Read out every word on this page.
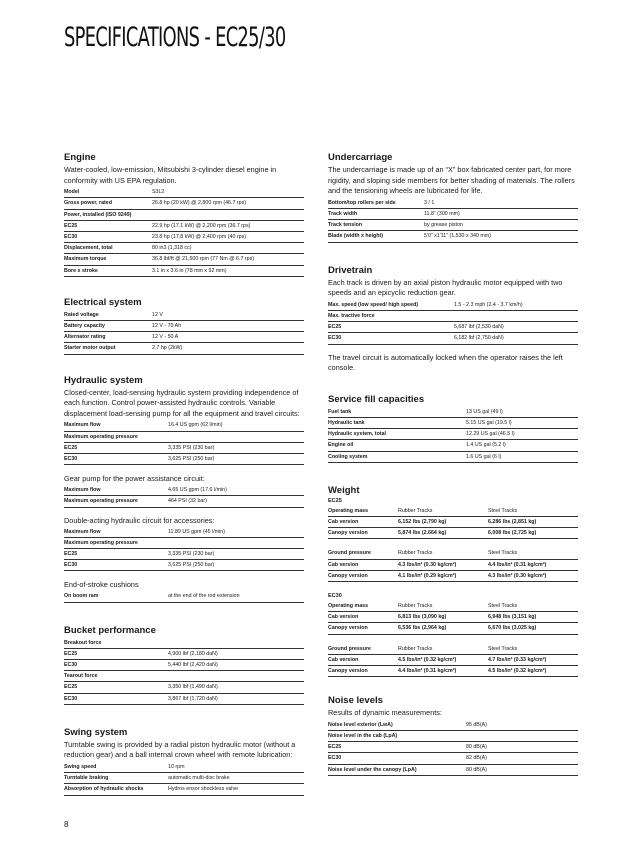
SPECIFICATIONS - EC25/30
Engine

Water-cooled, low-emission, Mitsubishi 3-cylinder diesel engine in conformity with US EPA regulation.

Model	S3L2
Gross power, rated	26.8 hp (20 kW) @ 2,800 rpm (46.7 rps)
Power, installed (ISO 9249)	
EC25	22.9 hp (17.1 kW) @ 2,200 rpm (36.7 rps)
EC30	23.8 hp (17.8 kW) @ 2,400 rpm (40 rps)
Displacement, total	80 in3 (1,318 cc)
Maximum torque	36.8 lbf/ft @ 21,600 rpm (77 Nm @ 6.7 rps)
Bore x stroke	3.1 in x 3.6 in (78 mm x 92 mm)
Electrical system
Rated voltage	12 V
Battery capacity	12 V - 70 Ah
Alternator rating	12 V - 50 A
Starter motor output	2.7 hp (2kW)
Hydraulic system

Closed-center, load-sensing hydraulic system providing independence of each function. Control power-assisted hydraulic controls. Variable displacement load-sensing pump for all the equipment and travel circuits:

Maximum flow	16.4 US gpm (62 l/min)
Maximum operating pressure	
EC25	3,335 PSI (230 bar)
EC30	3,625 PSI (250 bar)

Gear pump for the power assistance circuit:

Maximum flow	4.65 US gpm (17.6 l/min)
Maximum operating pressure	464 PSI (32 bar)

Double-acting hydraulic circuit for accessories:

Maximum flow	11.89 US gpm (45 l/min)
Maximum operating pressure	
EC25	3,335 PSI (230 bar)
EC30	3,625 PSI (250 bar)

End-of-stroke cushions

On boom ram	at the end of the rod extension
Bucket performance
Breakout force	
EC25	4,900 lbf (2,180 daN)
EC30	5,440 lbf (2,420 daN)
Tearout force	
EC25	3,350 lbf (1,490 daN)
EC30	3,867 lbf (1,720 daN)
Swing system

Turntable swing is provided by a radial piston hydraulic motor (without a reduction gear) and a ball internal crown wheel with remote lubrication:

Swing speed	10 rpm
Turntable braking	automatic multi-disc brake
Absorption of hydraulic shocks	Hydros ensor shockless valve
Undercarriage

The undercarriage is made up of an “X” box fabricated center part, for more rigidity, and sloping side members for better shading of materials. The rollers and the tensioning wheels are lubricated for life.

Bottom/top rollers per side	3 / 1
Track width	11.8” (300 mm)
Track tension	by grease piston
Blade (width x height)	5'0” x1'11” (1,530 x 340 mm)
Drivetrain

Each track is driven by an axial piston hydraulic motor equipped with two speeds and an epicyclic reduction gear.

Max. speed (low speed/ high speed)	1.5 - 2.3 mph (2.4 - 3.7 km/h)
Max. tractive force	
EC25	5,687 lbf (2,530 daN)
EC30	6,182 lbf (2,750 daN)

The travel circuit is automatically locked when the operator raises the left console.

Service fill capacities
Fuel tank	13 US gal (49 l)
Hydraulic tank	5.15 US gal (19.5 l)
Hydraulic system, total	12.29 US gal (46.5 l)
Engine oil	1.4 US gal (5.2 l)
Cooling system	1.6 US gal (6 l)
Weight
EC25
Operating mass	Rubber Tracks	Steel Tracks
Cab version	6,152 lbs (2,790 kg)	6,286 lbs (2,851 kg)
Canopy version	5,874 lbs (2.664 kg)	6,008 lbs (2,725 kg)
Ground pressure	Rubber Tracks	Steel Tracks
Cab version	4.3 lbs/in² (0.30 kg/cm²)	4.4 lbs/in² (0.31 kg/cm²)
Canopy version	4.1 lbs/in² (0.29 kg/cm²)	4.3 lbs/in² (0.30 kg/cm²)
EC30
Operating mass	Rubber Tracks	Steel Tracks
Cab version	6,813 lbs (3,090 kg)	6,948 lbs (3,151 kg)
Canopy version	6,536 lbs (2,964 kg)	6,670 lbs (3,025 kg)
Ground pressure	Rubber Tracks	Steel Tracks
Cab version	4.5 lbs/in² (0.32 kg/cm²)	4.7 lbs/in² (0.33 kg/cm²)
Canopy version	4.4 lbs/in² (0.31 kg/cm²)	4.5 lbs/in² (0.32 kg/cm²)
Noise levels

Results of dynamic measurements:

Noise level exterior (LwA)	95 dB(A)
Noise level in the cab (LpA)	
EC25	80 dB(A)
EC30	82 dB(A)
Noise level under the canopy (LpA)	80 dB(A)
8
